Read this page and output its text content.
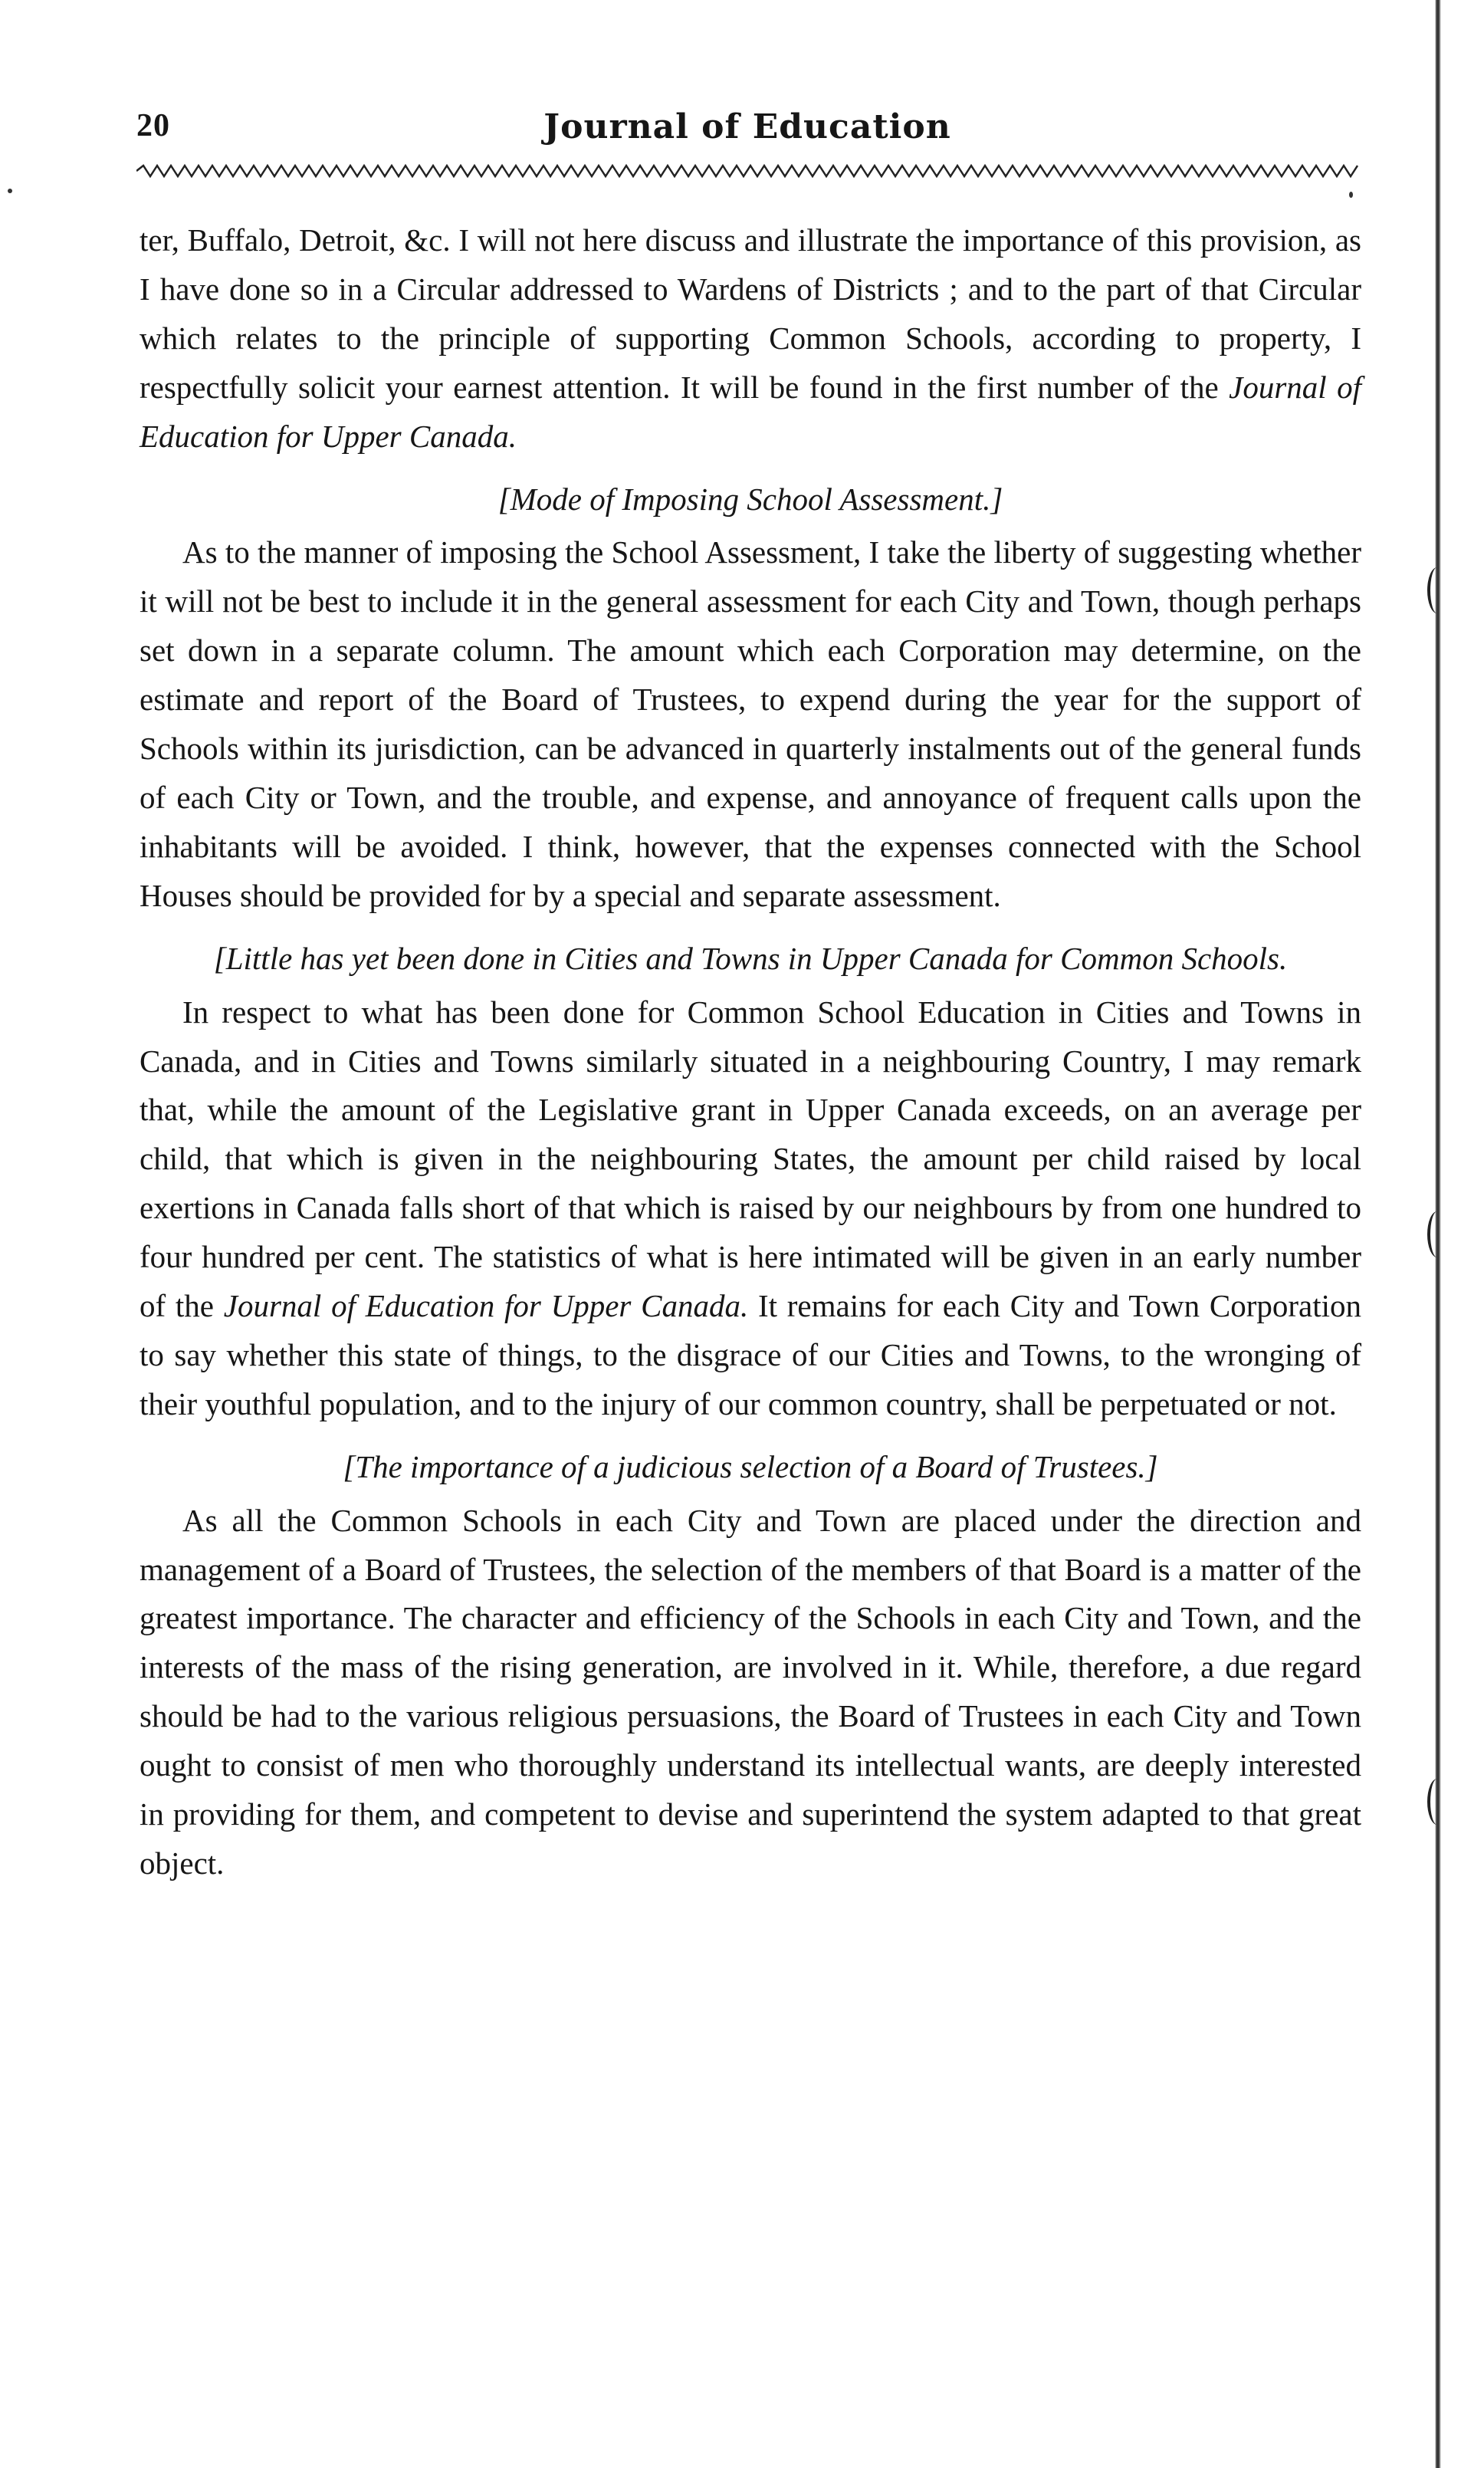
20	Journal of Education

ter, Buffalo, Detroit, &c. I will not here discuss and illustrate the importance of this provision, as I have done so in a Circular addressed to Wardens of Districts ; and to the part of that Circular which relates to the principle of supporting Common Schools, according to property, I respectfully solicit your earnest attention. It will be found in the first number of the Journal of Education for Upper Canada.

[Mode of Imposing School Assessment.]

As to the manner of imposing the School Assessment, I take the liberty of suggesting whether it will not be best to include it in the general assessment for each City and Town, though perhaps set down in a separate column. The amount which each Corporation may determine, on the estimate and report of the Board of Trustees, to expend during the year for the support of Schools within its jurisdiction, can be advanced in quarterly instalments out of the general funds of each City or Town, and the trouble, and expense, and annoyance of frequent calls upon the inhabitants will be avoided. I think, however, that the expenses connected with the School Houses should be provided for by a special and separate assessment.

[Little has yet been done in Cities and Towns in Upper Canada for Common Schools.

In respect to what has been done for Common School Education in Cities and Towns in Canada, and in Cities and Towns similarly situated in a neighbouring Country, I may remark that, while the amount of the Legislative grant in Upper Canada exceeds, on an average per child, that which is given in the neighbouring States, the amount per child raised by local exertions in Canada falls short of that which is raised by our neighbours by from one hundred to four hundred per cent. The statistics of what is here intimated will be given in an early number of the Journal of Education for Upper Canada. It remains for each City and Town Corporation to say whether this state of things, to the disgrace of our Cities and Towns, to the wronging of their youthful population, and to the injury of our common country, shall be perpetuated or not.

[The importance of a judicious selection of a Board of Trustees.]

As all the Common Schools in each City and Town are placed under the direction and management of a Board of Trustees, the selection of the members of that Board is a matter of the greatest importance. The character and efficiency of the Schools in each City and Town, and the interests of the mass of the rising generation, are involved in it. While, therefore, a due regard should be had to the various religious persuasions, the Board of Trustees in each City and Town ought to consist of men who thoroughly understand its intellectual wants, are deeply interested in providing for them, and competent to devise and superintend the system adapted to that great object.
